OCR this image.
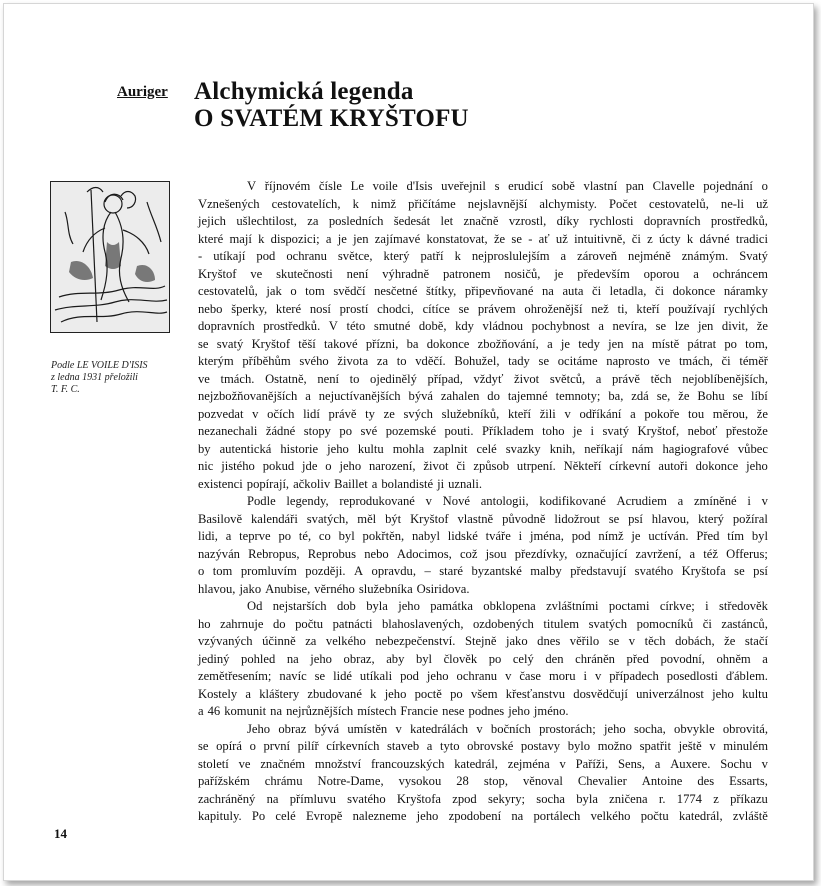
Auriger Alchymická legenda
O SVATÉM KRYŠTOFU
Podle LE VOILE D'ISIS
z ledna 1931 přeložili
T. F. C.
V říjnovém čísle Le voile d'Isis uveřejnil s erudicí sobě vlastní pan Clavelle pojednání o
Vznešených cestovatelích, k nimž přičítáme nejslavnější alchymisty. Počet cestovatelů, ne-li už
jejich ušlechtilost, za posledních šedesát let značně vzrostl, díky rychlosti dopravních prostředků,
které mají k dispozici; a je jen zajímavé konstatovat, že se - ať už intuitivně, či z úcty k dávné tradici
- utíkají pod ochranu světce, který patří k nejproslulejším a zároveň nejméně známým. Svatý
Kryštof ve skutečnosti není výhradně patronem nosičů, je především oporou a ochráncem
cestovatelů, jak o tom svědčí nesčetné štítky, připevňované na auta či letadla, či dokonce náramky
nebo šperky, které nosí prostí chodci, cítíce se právem ohroženější než ti, kteří používají rychlých
dopravních prostředků. V této smutné době, kdy vládnou pochybnost a nevíra, se lze jen divit, že
se svatý Kryštof těší takové přízni, ba dokonce zbožňování, a je tedy jen na místě pátrat po tom,
kterým příběhům svého života za to vděčí. Bohužel, tady se ocitáme naprosto ve tmách, či téměř
ve tmách. Ostatně, není to ojedinělý případ, vždyť život světců, a právě těch nejoblíbenějších,
nejzbožňovanějších a nejuctívanějších bývá zahalen do tajemné temnoty; ba, zdá se, že Bohu se líbí
pozvedat v očích lidí právě ty ze svých služebníků, kteří žili v odříkání a pokoře tou měrou, že
nezanechali žádné stopy po své pozemské pouti. Příkladem toho je i svatý Kryštof, neboť přestože
by autentická historie jeho kultu mohla zaplnit celé svazky knih, neříkají nám hagiografové vůbec
nic jistého pokud jde o jeho narození, život či způsob utrpení. Někteří církevní autoři dokonce jeho
existenci popírají, ačkoliv Baillet a bolandisté ji uznali.
Podle legendy, reprodukované v Nové antologii, kodifikované Acrudiem a zmíněné i v
Basilově kalendáři svatých, měl být Kryštof vlastně původně lidožrout se psí hlavou, který požíral
lidi, a teprve po té, co byl pokřtěn, nabyl lidské tváře i jména, pod nímž je uctíván. Před tím byl
nazýván Rebropus, Reprobus nebo Adocimos, což jsou přezdívky, označující zavržení, a též Offerus;
o tom promluvím později. A opravdu, – staré byzantské malby představují svatého Kryštofa se psí
hlavou, jako Anubise, věrného služebníka Osiridova.
Od nejstarších dob byla jeho památka obklopena zvláštními poctami církve; i středověk
ho zahrnuje do počtu patnácti blahoslavených, ozdobených titulem svatých pomocníků či zastánců,
vzývaných účinně za velkého nebezpečenství. Stejně jako dnes věřilo se v těch dobách, že stačí
jediný pohled na jeho obraz, aby byl člověk po celý den chráněn před povodní, ohněm a
zemětřesením; navíc se lidé utíkali pod jeho ochranu v čase moru i v případech posedlosti ďáblem.
Kostely a kláštery zbudované k jeho poctě po všem křesťanstvu dosvědčují univerzálnost jeho kultu
a 46 komunit na nejrůznějších místech Francie nese podnes jeho jméno.
Jeho obraz bývá umístěn v katedrálách v bočních prostorách; jeho socha, obvykle obrovitá,
se opírá o první pilíř církevních staveb a tyto obrovské postavy bylo možno spatřit ještě v minulém
století ve značném množství francouzských katedrál, zejména v Paříži, Sens, a Auxere. Sochu v
pařížském chrámu Notre-Dame, vysokou 28 stop, věnoval Chevalier Antoine des Essarts,
zachráněný na přímluvu svatého Kryštofa zpod sekyry; socha byla zničena r. 1774 z příkazu
kapituly. Po celé Evropě nalezneme jeho zpodobení na portálech velkého počtu katedrál, zvláště
14
